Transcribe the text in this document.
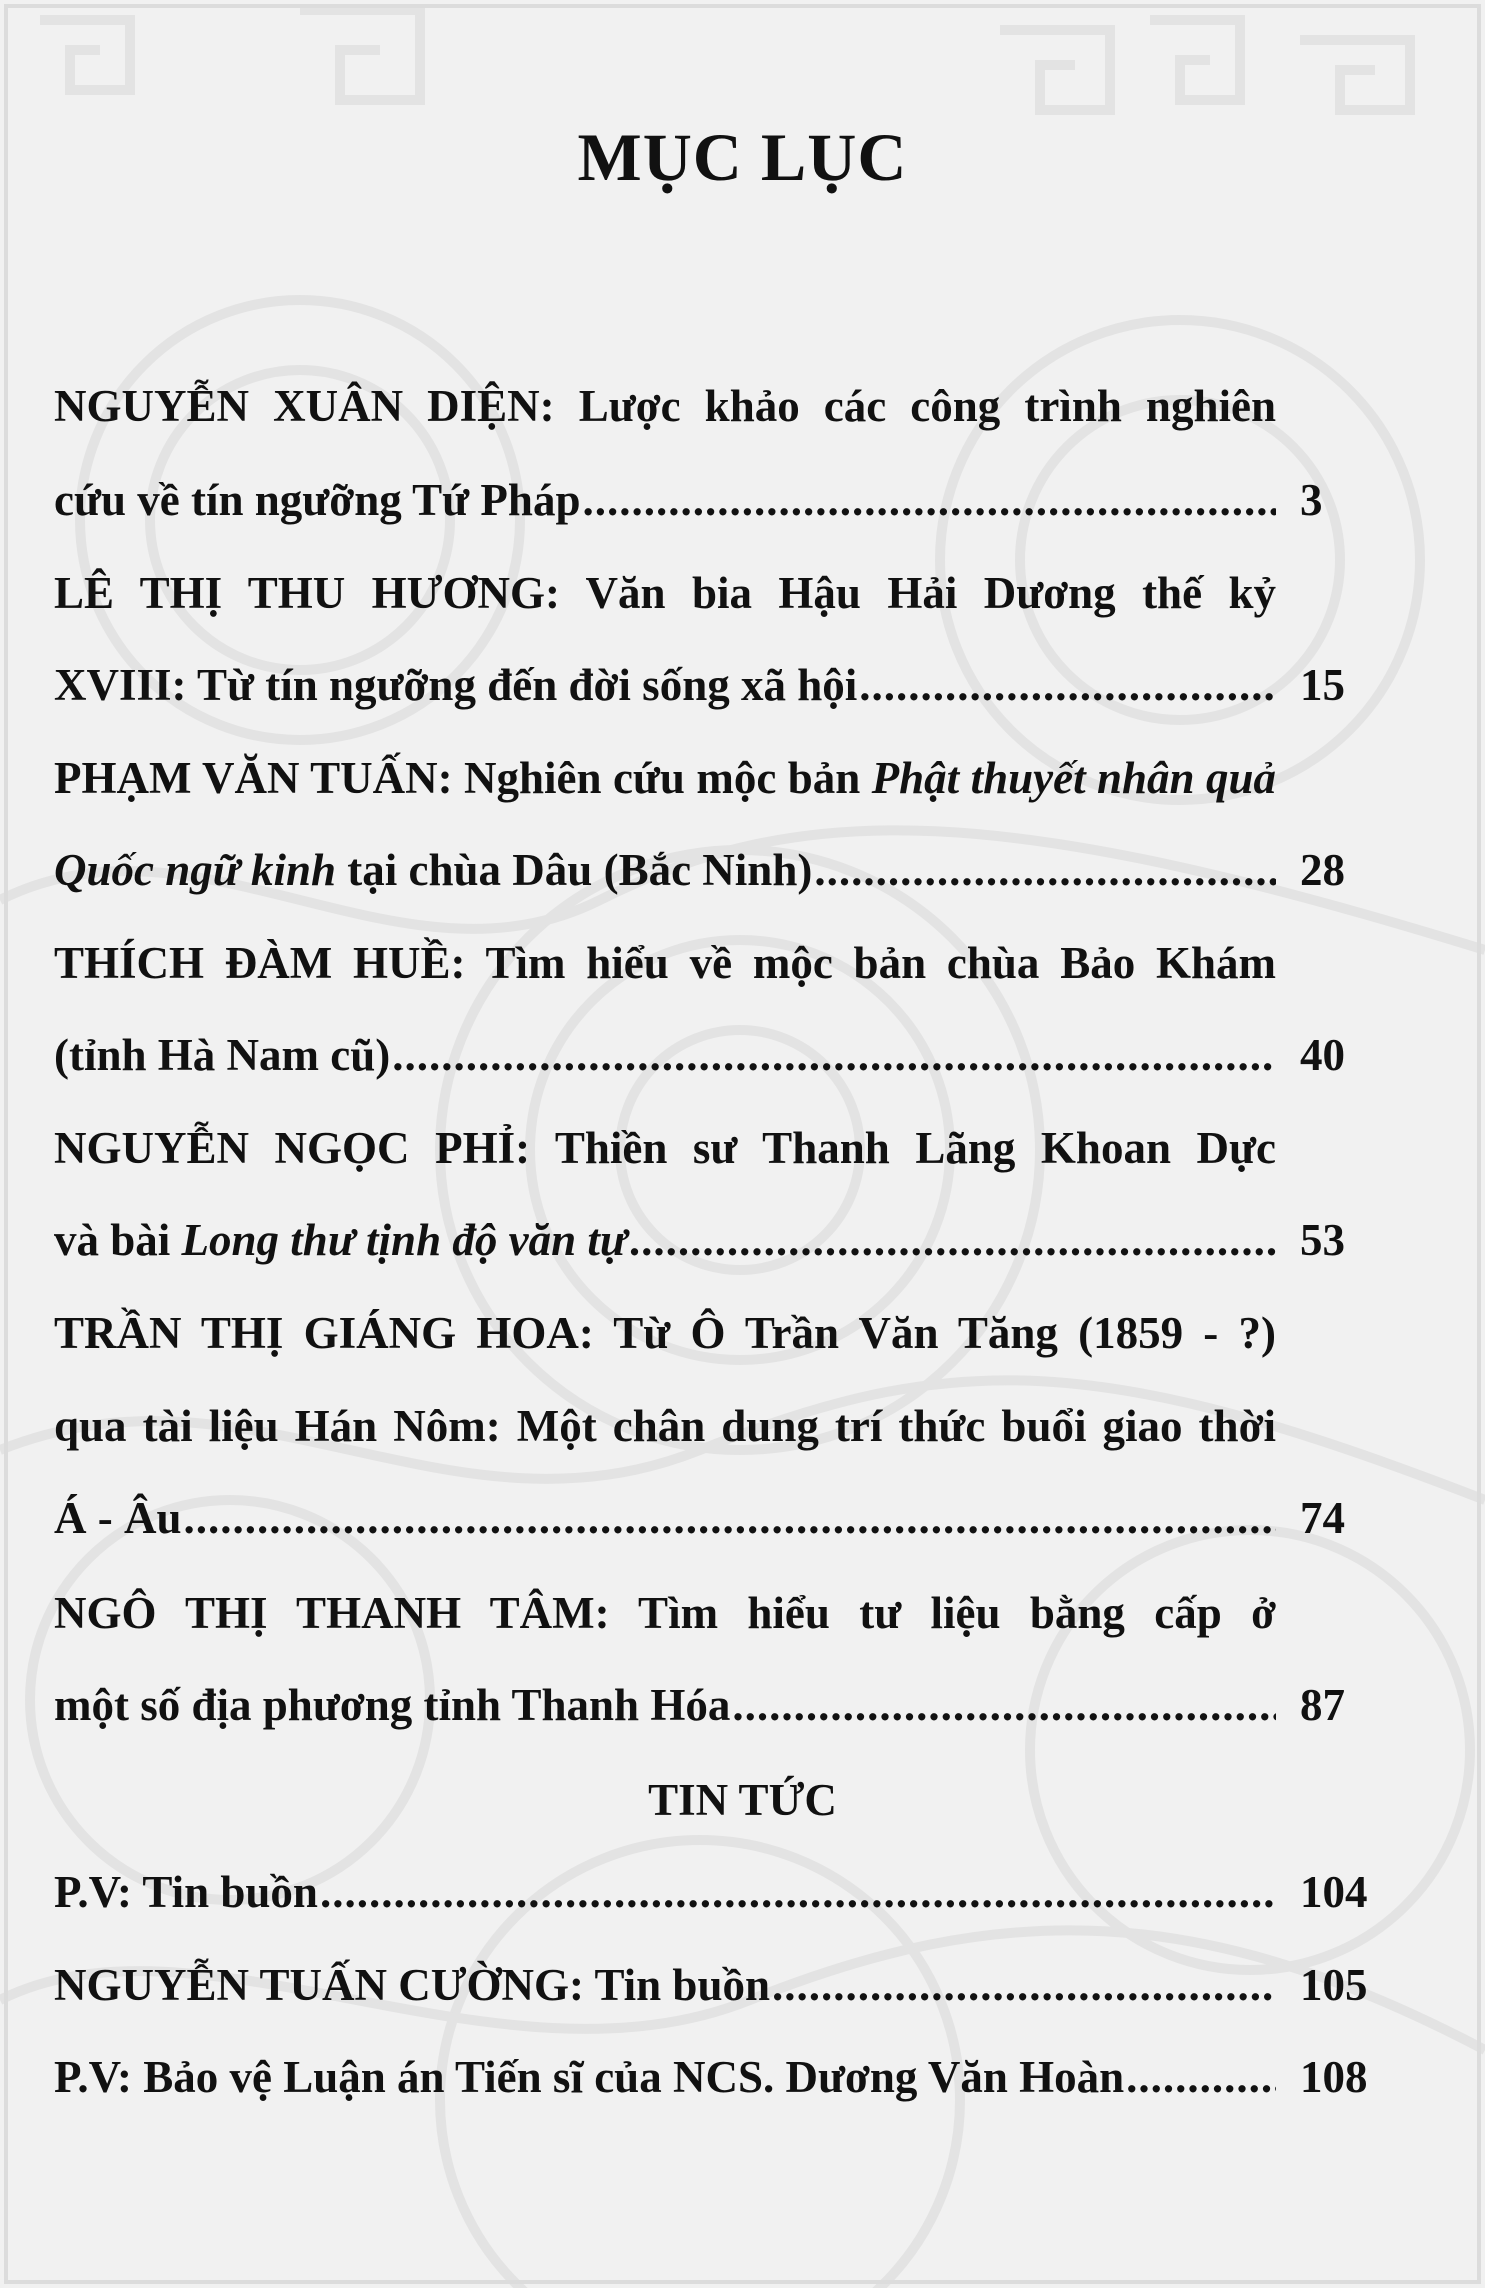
MỤC LỤC
NGUYỄN XUÂN DIỆN: Lược khảo các công trình nghiên
cứu về tín ngưỡng Tứ Pháp .....	3
LÊ THỊ THU HƯƠNG: Văn bia Hậu Hải Dương thế kỷ
XVIII: Từ tín ngưỡng đến đời sống xã hội .....	15
PHẠM VĂN TUẤN: Nghiên cứu mộc bản Phật thuyết nhân quả
Quốc ngữ kinh tại chùa Dâu (Bắc Ninh) .....	28
THÍCH ĐÀM HUỀ: Tìm hiểu về mộc bản chùa Bảo Khám
(tỉnh Hà Nam cũ) .....	40
NGUYỄN NGỌC PHỈ: Thiền sư Thanh Lãng Khoan Dực
và bài Long thư tịnh độ văn tự .....	53
TRẦN THỊ GIÁNG HOA: Từ Ô Trần Văn Tăng (1859 - ?)
qua tài liệu Hán Nôm: Một chân dung trí thức buổi giao thời
Á - Âu .....	74
NGÔ THỊ THANH TÂM: Tìm hiểu tư liệu bằng cấp ở
một số địa phương tỉnh Thanh Hóa .....	87
TIN TỨC
P.V: Tin buồn .....	104
NGUYỄN TUẤN CƯỜNG: Tin buồn .....	105
P.V: Bảo vệ Luận án Tiến sĩ của NCS. Dương Văn Hoàn .....	108
